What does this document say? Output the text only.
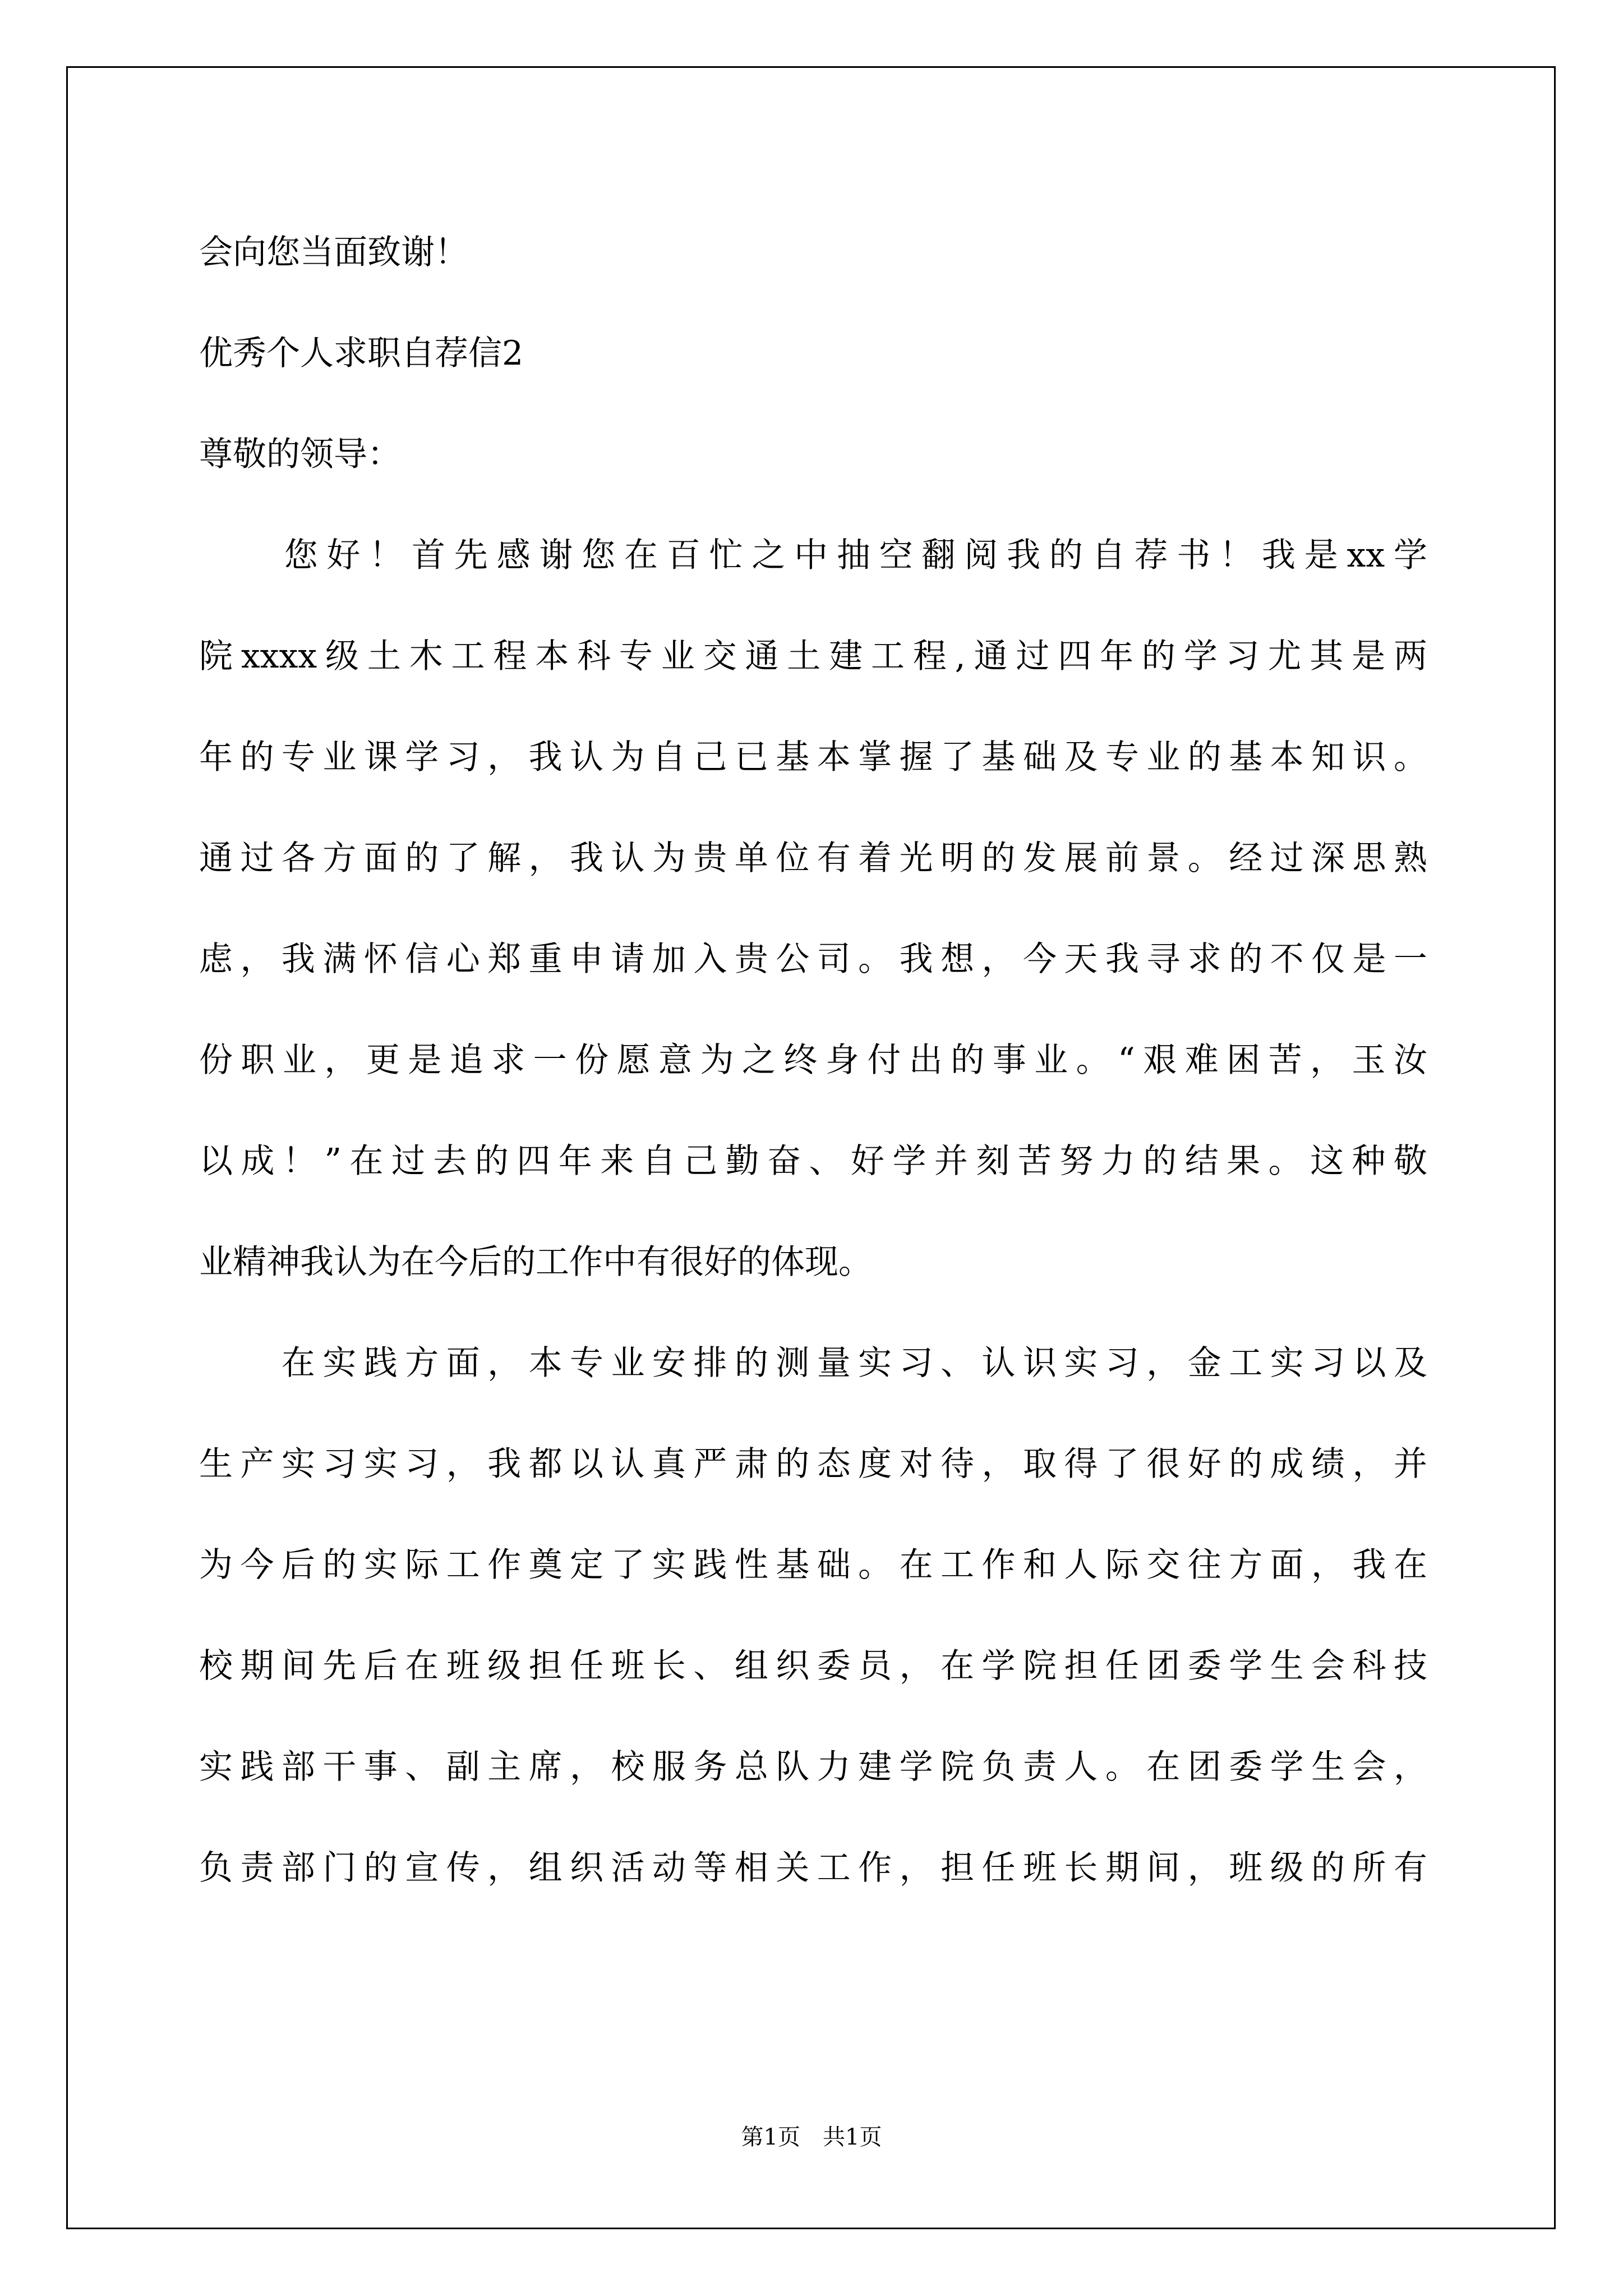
会向您当面致谢！
优秀个人求职自荐信2
尊敬的领导：
　　您好！首先感谢您在百忙之中抽空翻阅我的自荐书！我是xx学
院xxxx级土木工程本科专业交通土建工程,通过四年的学习尤其是两
年的专业课学习，我认为自己已基本掌握了基础及专业的基本知识。
通过各方面的了解，我认为贵单位有着光明的发展前景。经过深思熟
虑，我满怀信心郑重申请加入贵公司。我想，今天我寻求的不仅是一
份职业，更是追求一份愿意为之终身付出的事业。“艰难困苦，玉汝
以成！”在过去的四年来自己勤奋、好学并刻苦努力的结果。这种敬
业精神我认为在今后的工作中有很好的体现。
　　在实践方面，本专业安排的测量实习、认识实习，金工实习以及
生产实习实习，我都以认真严肃的态度对待，取得了很好的成绩，并
为今后的实际工作奠定了实践性基础。在工作和人际交往方面，我在
校期间先后在班级担任班长、组织委员，在学院担任团委学生会科技
实践部干事、副主席，校服务总队力建学院负责人。在团委学生会，
负责部门的宣传，组织活动等相关工作，担任班长期间，班级的所有
第1页　共1页
